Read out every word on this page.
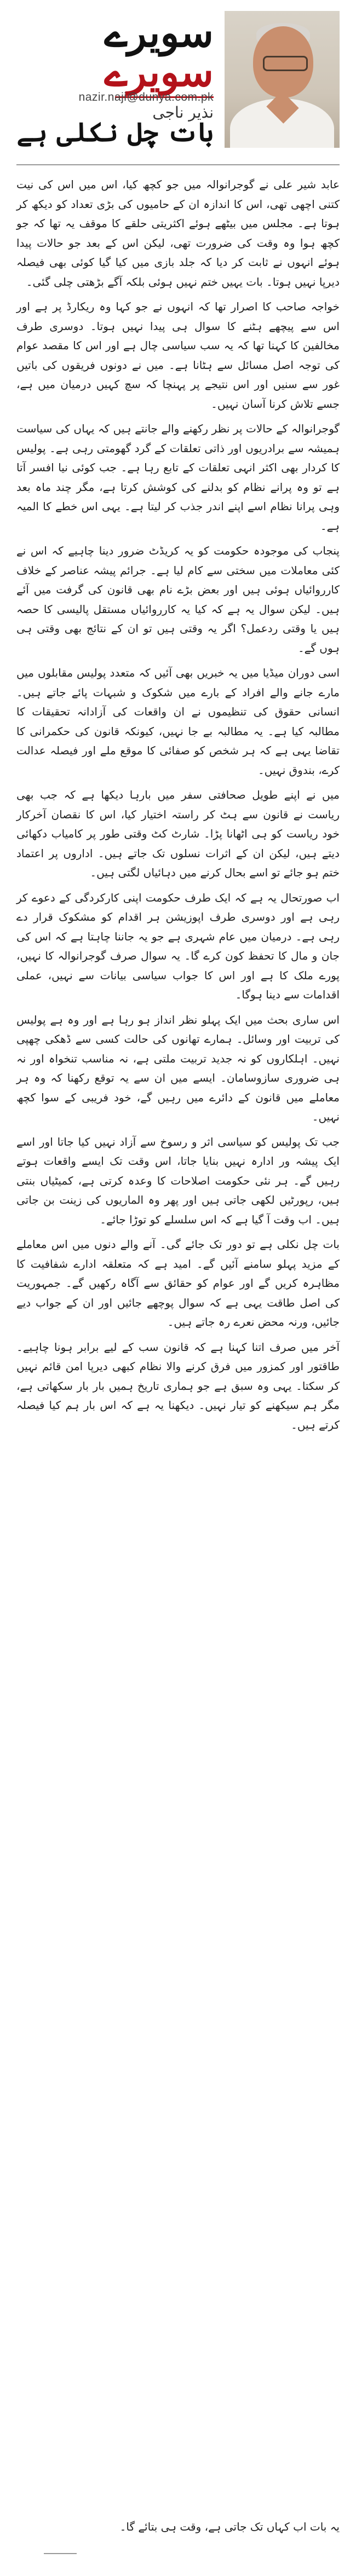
سویرے سویرے
نذیر ناجی
nazir.naji@dunya.com.pk
بات چل نکلی ہے

عابد شیر علی نے گوجرانوالہ میں جو کچھ کیا، اس میں اس کی نیت کتنی اچھی تھی، اس کا اندازہ ان کے حامیوں کی بڑی تعداد کو دیکھ کر ہوتا ہے۔ مجلس میں بیٹھے ہوئے اکثریتی حلقے کا موقف یہ تھا کہ جو کچھ ہوا وہ وقت کی ضرورت تھی، لیکن اس کے بعد جو حالات پیدا ہوئے انہوں نے ثابت کر دیا کہ جلد بازی میں کیا گیا کوئی بھی فیصلہ دیرپا نہیں ہوتا۔ بات یہیں ختم نہیں ہوئی بلکہ آگے بڑھتی چلی گئی۔

خواجہ صاحب کا اصرار تھا کہ انہوں نے جو کہا وہ ریکارڈ پر ہے اور اس سے پیچھے ہٹنے کا سوال ہی پیدا نہیں ہوتا۔ دوسری طرف مخالفین کا کہنا تھا کہ یہ سب سیاسی چال ہے اور اس کا مقصد عوام کی توجہ اصل مسائل سے ہٹانا ہے۔ میں نے دونوں فریقوں کی باتیں غور سے سنیں اور اس نتیجے پر پہنچا کہ سچ کہیں درمیان میں ہے، جسے تلاش کرنا آسان نہیں۔

گوجرانوالہ کے حالات پر نظر رکھنے والے جانتے ہیں کہ یہاں کی سیاست ہمیشہ سے برادریوں اور ذاتی تعلقات کے گرد گھومتی رہی ہے۔ پولیس کا کردار بھی اکثر انہی تعلقات کے تابع رہا ہے۔ جب کوئی نیا افسر آتا ہے تو وہ پرانے نظام کو بدلنے کی کوشش کرتا ہے، مگر چند ماہ بعد وہی پرانا نظام اسے اپنے اندر جذب کر لیتا ہے۔ یہی اس خطے کا المیہ ہے۔

پنجاب کی موجودہ حکومت کو یہ کریڈٹ ضرور دینا چاہیے کہ اس نے کئی معاملات میں سختی سے کام لیا ہے۔ جرائم پیشہ عناصر کے خلاف کارروائیاں ہوئی ہیں اور بعض بڑے نام بھی قانون کی گرفت میں آئے ہیں۔ لیکن سوال یہ ہے کہ کیا یہ کارروائیاں مستقل پالیسی کا حصہ ہیں یا وقتی ردعمل؟ اگر یہ وقتی ہیں تو ان کے نتائج بھی وقتی ہی ہوں گے۔

اسی دوران میڈیا میں یہ خبریں بھی آئیں کہ متعدد پولیس مقابلوں میں مارے جانے والے افراد کے بارے میں شکوک و شبہات پائے جاتے ہیں۔ انسانی حقوق کی تنظیموں نے ان واقعات کی آزادانہ تحقیقات کا مطالبہ کیا ہے۔ یہ مطالبہ بے جا نہیں، کیونکہ قانون کی حکمرانی کا تقاضا یہی ہے کہ ہر شخص کو صفائی کا موقع ملے اور فیصلہ عدالت کرے، بندوق نہیں۔

میں نے اپنے طویل صحافتی سفر میں بارہا دیکھا ہے کہ جب بھی ریاست نے قانون سے ہٹ کر راستہ اختیار کیا، اس کا نقصان آخرکار خود ریاست کو ہی اٹھانا پڑا۔ شارٹ کٹ وقتی طور پر کامیاب دکھائی دیتے ہیں، لیکن ان کے اثرات نسلوں تک جاتے ہیں۔ اداروں پر اعتماد ختم ہو جائے تو اسے بحال کرنے میں دہائیاں لگتی ہیں۔

اب صورتحال یہ ہے کہ ایک طرف حکومت اپنی کارکردگی کے دعوے کر رہی ہے اور دوسری طرف اپوزیشن ہر اقدام کو مشکوک قرار دے رہی ہے۔ درمیان میں عام شہری ہے جو یہ جاننا چاہتا ہے کہ اس کی جان و مال کا تحفظ کون کرے گا۔ یہ سوال صرف گوجرانوالہ کا نہیں، پورے ملک کا ہے اور اس کا جواب سیاسی بیانات سے نہیں، عملی اقدامات سے دینا ہوگا۔

اس ساری بحث میں ایک پہلو نظر انداز ہو رہا ہے اور وہ ہے پولیس کی تربیت اور وسائل۔ ہمارے تھانوں کی حالت کسی سے ڈھکی چھپی نہیں۔ اہلکاروں کو نہ جدید تربیت ملتی ہے، نہ مناسب تنخواہ اور نہ ہی ضروری سازوسامان۔ ایسے میں ان سے یہ توقع رکھنا کہ وہ ہر معاملے میں قانون کے دائرے میں رہیں گے، خود فریبی کے سوا کچھ نہیں۔

جب تک پولیس کو سیاسی اثر و رسوخ سے آزاد نہیں کیا جاتا اور اسے ایک پیشہ ور ادارہ نہیں بنایا جاتا، اس وقت تک ایسے واقعات ہوتے رہیں گے۔ ہر نئی حکومت اصلاحات کا وعدہ کرتی ہے، کمیٹیاں بنتی ہیں، رپورٹیں لکھی جاتی ہیں اور پھر وہ الماریوں کی زینت بن جاتی ہیں۔ اب وقت آ گیا ہے کہ اس سلسلے کو توڑا جائے۔

بات چل نکلی ہے تو دور تک جائے گی۔ آنے والے دنوں میں اس معاملے کے مزید پہلو سامنے آئیں گے۔ امید ہے کہ متعلقہ ادارے شفافیت کا مظاہرہ کریں گے اور عوام کو حقائق سے آگاہ رکھیں گے۔ جمہوریت کی اصل طاقت یہی ہے کہ سوال پوچھے جائیں اور ان کے جواب دیے جائیں، ورنہ محض نعرے رہ جاتے ہیں۔

آخر میں صرف اتنا کہنا ہے کہ قانون سب کے لیے برابر ہونا چاہیے۔ طاقتور اور کمزور میں فرق کرنے والا نظام کبھی دیرپا امن قائم نہیں کر سکتا۔ یہی وہ سبق ہے جو ہماری تاریخ ہمیں بار بار سکھاتی ہے، مگر ہم سیکھنے کو تیار نہیں۔ دیکھنا یہ ہے کہ اس بار ہم کیا فیصلہ کرتے ہیں۔

یہ بات اب کہاں تک جاتی ہے، وقت ہی بتائے گا۔
